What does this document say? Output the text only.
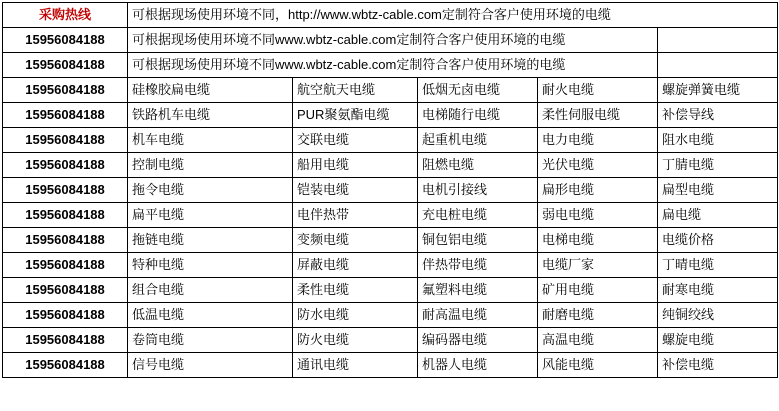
采购热线	可根据现场使用环境不同，http://www.wbtz-cable.com定制符合客户使用环境的电缆					
15956084188	可根据现场使用环境不同www.wbtz-cable.com定制符合客户使用环境的电缆					
15956084188	可根据现场使用环境不同www.wbtz-cable.com定制符合客户使用环境的电缆					
15956084188	硅橡胶扁电缆	航空航天电缆	低烟无卤电缆	耐火电缆	螺旋弹簧电缆	
15956084188	铁路机车电缆	PUR聚氨酯电缆	电梯随行电缆	柔性伺服电缆	补偿导线	
15956084188	机车电缆	交联电缆	起重机电缆	电力电缆	阻水电缆	
15956084188	控制电缆	船用电缆	阻燃电缆	光伏电缆	丁腈电缆	
15956084188	拖令电缆	铠装电缆	电机引接线	扁形电缆	扁型电缆	
15956084188	扁平电缆	电伴热带	充电桩电缆	弱电电缆	扁电缆	
15956084188	拖链电缆	变频电缆	铜包铝电缆	电梯电缆	电缆价格	
15956084188	特种电缆	屏蔽电缆	伴热带电缆	电缆厂家	丁晴电缆	
15956084188	组合电缆	柔性电缆	氟塑料电缆	矿用电缆	耐寒电缆	
15956084188	低温电缆	防水电缆	耐高温电缆	耐磨电缆	纯铜绞线	
15956084188	卷筒电缆	防火电缆	编码器电缆	高温电缆	螺旋电缆	
15956084188	信号电缆	通讯电缆	机器人电缆	风能电缆	补偿电缆	
